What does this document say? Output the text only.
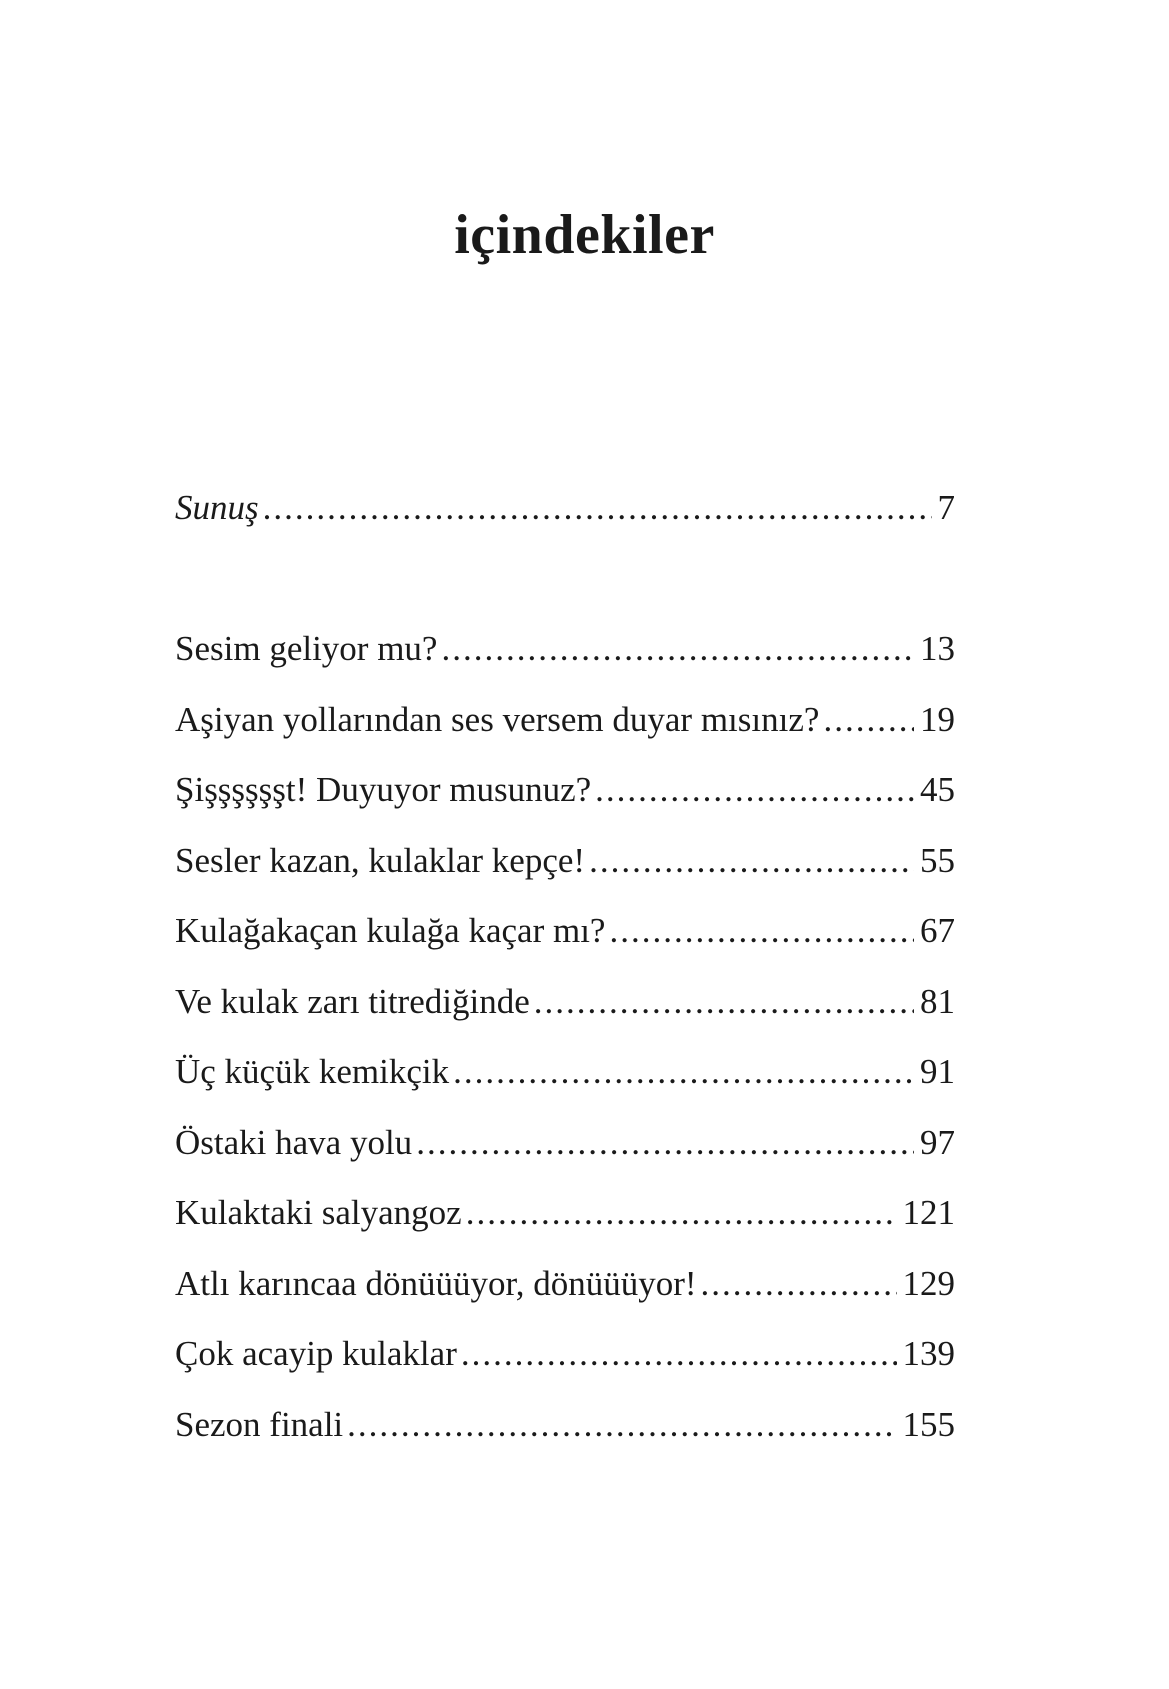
içindekiler
Sunuş .....	7
Sesim geliyor mu? .....	13
Aşiyan yollarından ses versem duyar mısınız? .....	19
Şişşşşşşt! Duyuyor musunuz? .....	45
Sesler kazan, kulaklar kepçe! .....	55
Kulağakaçan kulağa kaçar mı? .....	67
Ve kulak zarı titrediğinde .....	81
Üç küçük kemikçik .....	91
Östaki hava yolu .....	97
Kulaktaki salyangoz .....	121
Atlı karıncaa dönüüüyor, dönüüüyor! .....	129
Çok acayip kulaklar .....	139
Sezon finali .....	155
